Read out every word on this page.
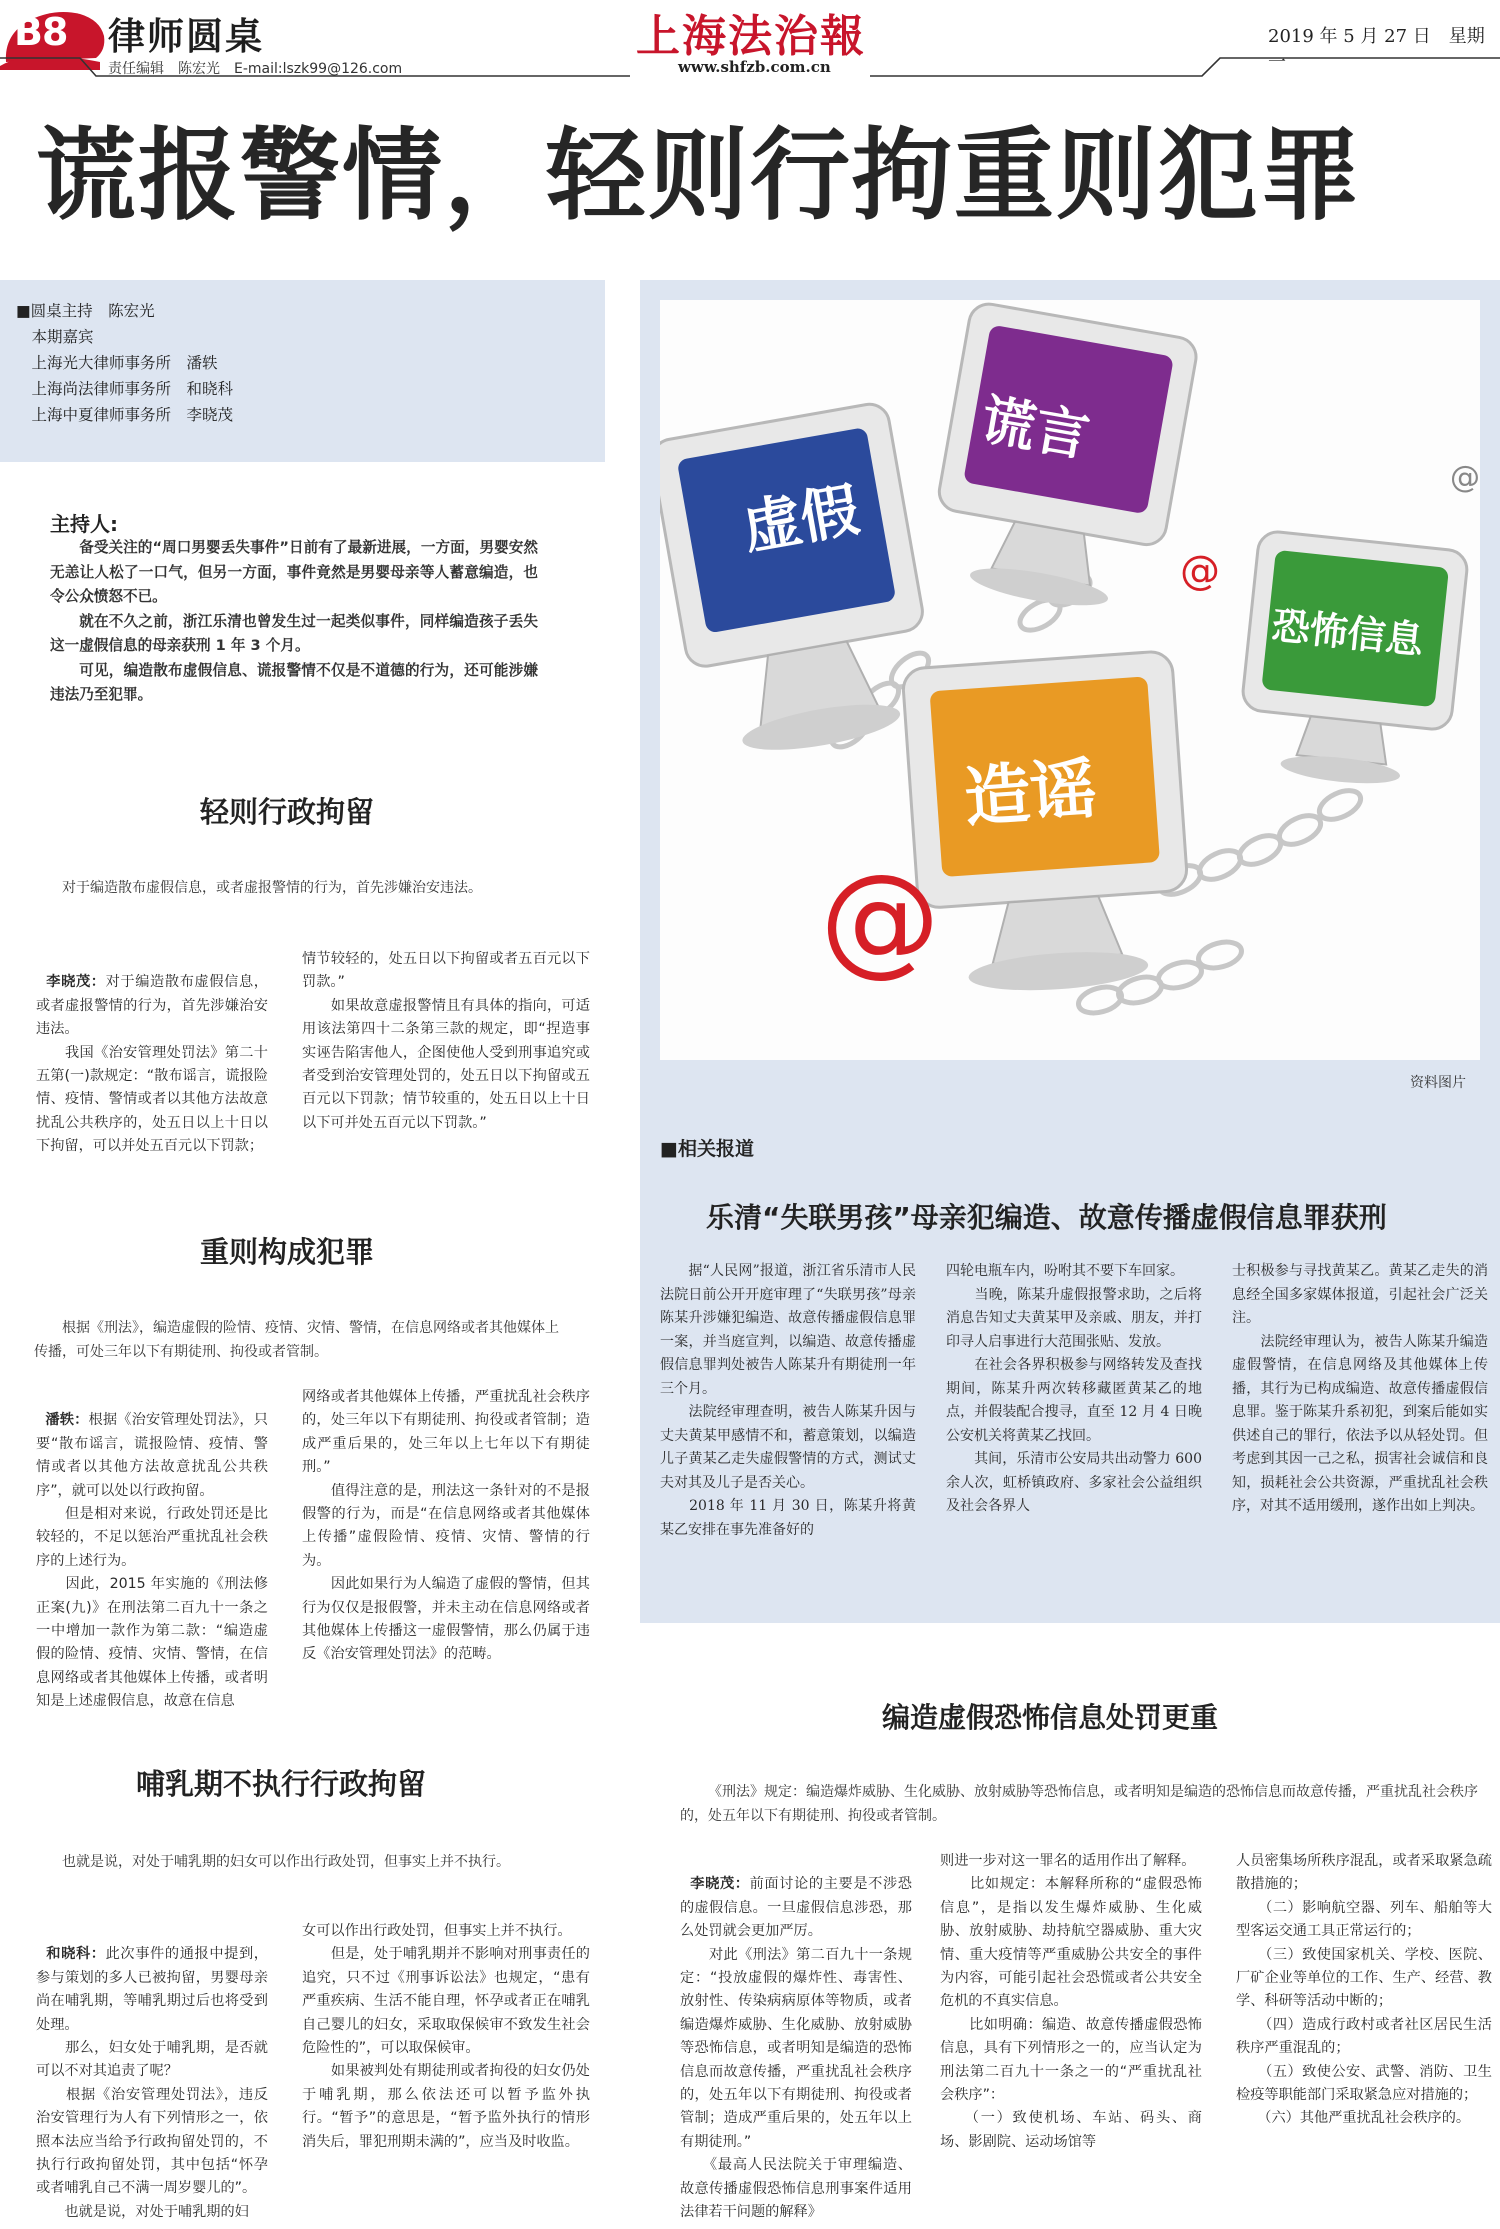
B8 律师圆桌
责任编辑　陈宏光　E-mail:lszk99@126.com
上海法治報
www.shfzb.com.cn
2019 年 5 月 27 日　星期一
谎报警情，轻则行拘重则犯罪
■圆桌主持　陈宏光
　本期嘉宾
　上海光大律师事务所　潘轶
　上海尚法律师事务所　和晓科
　上海中夏律师事务所　李晓茂
主持人:

备受关注的“周口男婴丢失事件”日前有了最新进展，一方面，男婴安然无恙让人松了一口气，但另一方面，事件竟然是男婴母亲等人蓄意编造，也令公众愤怒不已。

就在不久之前，浙江乐清也曾发生过一起类似事件，同样编造孩子丢失这一虚假信息的母亲获刑 1 年 3 个月。

可见，编造散布虚假信息、谎报警情不仅是不道德的行为，还可能涉嫌违法乃至犯罪。

轻则行政拘留
对于编造散布虚假信息，或者虚报警情的行为，首先涉嫌治安违法。

李晓茂：对于编造散布虚假信息，或者虚报警情的行为，首先涉嫌治安违法。
　　我国《治安管理处罚法》第二十五第(一)款规定：“散布谣言，谎报险情、疫情、警情或者以其他方法故意扰乱公共秩序的，处五日以上十日以下拘留，可以并处五百元以下罚款；

情节较轻的，处五日以下拘留或者五百元以下罚款。”
　　如果故意虚报警情且有具体的指向，可适用该法第四十二条第三款的规定，即“捏造事实诬告陷害他人，企图使他人受到刑事追究或者受到治安管理处罚的，处五日以下拘留或五百元以下罚款；情节较重的，处五日以上十日以下可并处五百元以下罚款。”
重则构成犯罪
根据《刑法》，编造虚假的险情、疫情、灾情、警情，在信息网络或者其他媒体上传播，可处三年以下有期徒刑、拘役或者管制。

潘轶：根据《治安管理处罚法》，只要“散布谣言，谎报险情、疫情、警情或者以其他方法故意扰乱公共秩序”，就可以处以行政拘留。
　　但是相对来说，行政处罚还是比较轻的，不足以惩治严重扰乱社会秩序的上述行为。
　　因此，2015 年实施的《刑法修正案(九)》在刑法第二百九十一条之一中增加一款作为第二款：“编造虚假的险情、疫情、灾情、警情，在信息网络或者其他媒体上传播，或者明知是上述虚假信息，故意在信息

网络或者其他媒体上传播，严重扰乱社会秩序的，处三年以下有期徒刑、拘役或者管制；造成严重后果的，处三年以上七年以下有期徒刑。”
　　值得注意的是，刑法这一条针对的不是报假警的行为，而是“在信息网络或者其他媒体上传播”虚假险情、疫情、灾情、警情的行为。
　　因此如果行为人编造了虚假的警情，但其行为仅仅是报假警，并未主动在信息网络或者其他媒体上传播这一虚假警情，那么仍属于违反《治安管理处罚法》的范畴。
哺乳期不执行行政拘留
也就是说，对处于哺乳期的妇女可以作出行政处罚，但事实上并不执行。

和晓科：此次事件的通报中提到，参与策划的多人已被拘留，男婴母亲尚在哺乳期，等哺乳期过后也将受到处理。
　　那么，妇女处于哺乳期，是否就可以不对其追责了呢？
　　根据《治安管理处罚法》，违反治安管理行为人有下列情形之一，依照本法应当给予行政拘留处罚的，不执行行政拘留处罚，其中包括“怀孕或者哺乳自己不满一周岁婴儿的”。
　　也就是说，对处于哺乳期的妇

女可以作出行政处罚，但事实上并不执行。
　　但是，处于哺乳期并不影响对刑事责任的追究，只不过《刑事诉讼法》也规定，“患有严重疾病、生活不能自理，怀孕或者正在哺乳自己婴儿的妇女，采取取保候审不致发生社会危险性的”，可以取保候审。
　　如果被判处有期徒刑或者拘役的妇女仍处于哺乳期，那么依法还可以暂予监外执行。“暂予”的意思是，“暂予监外执行的情形消失后，罪犯刑期未满的”，应当及时收监。
虚假
谎言
恐怖信息
造谣
@
@
@
资料图片
■相关报道
乐清“失联男孩”母亲犯编造、故意传播虚假信息罪获刑
　　据“人民网”报道，浙江省乐清市人民法院日前公开开庭审理了“失联男孩”母亲陈某升涉嫌犯编造、故意传播虚假信息罪一案，并当庭宣判，以编造、故意传播虚假信息罪判处被告人陈某升有期徒刑一年三个月。
　　法院经审理查明，被告人陈某升因与丈夫黄某甲感情不和，蓄意策划，以编造儿子黄某乙走失虚假警情的方式，测试丈夫对其及儿子是否关心。
　　2018 年 11 月 30 日，陈某升将黄某乙安排在事先准备好的
四轮电瓶车内，吩咐其不要下车回家。
　　当晚，陈某升虚假报警求助，之后将消息告知丈夫黄某甲及亲戚、朋友，并打印寻人启事进行大范围张贴、发放。
　　在社会各界积极参与网络转发及查找期间，陈某升两次转移藏匿黄某乙的地点，并假装配合搜寻，直至 12 月 4 日晚公安机关将黄某乙找回。
　　其间，乐清市公安局共出动警力 600 余人次，虹桥镇政府、多家社会公益组织及社会各界人
士积极参与寻找黄某乙。黄某乙走失的消息经全国多家媒体报道，引起社会广泛关注。
　　法院经审理认为，被告人陈某升编造虚假警情，在信息网络及其他媒体上传播，其行为已构成编造、故意传播虚假信息罪。鉴于陈某升系初犯，到案后能如实供述自己的罪行，依法予以从轻处罚。但考虑到其因一己之私，损害社会诚信和良知，损耗社会公共资源，严重扰乱社会秩序，对其不适用缓刑，遂作出如上判决。
编造虚假恐怖信息处罚更重
《刑法》规定：编造爆炸威胁、生化威胁、放射威胁等恐怖信息，或者明知是编造的恐怖信息而故意传播，严重扰乱社会秩序的，处五年以下有期徒刑、拘役或者管制。

李晓茂：前面讨论的主要是不涉恐的虚假信息。一旦虚假信息涉恐，那么处罚就会更加严厉。
　　对此《刑法》第二百九十一条规定：“投放虚假的爆炸性、毒害性、放射性、传染病病原体等物质，或者编造爆炸威胁、生化威胁、放射威胁等恐怖信息，或者明知是编造的恐怖信息而故意传播，严重扰乱社会秩序的，处五年以下有期徒刑、拘役或者管制；造成严重后果的，处五年以上有期徒刑。”
　　《最高人民法院关于审理编造、故意传播虚假恐怖信息刑事案件适用法律若干问题的解释》

则进一步对这一罪名的适用作出了解释。
　　比如规定：本解释所称的“虚假恐怖信息”，是指以发生爆炸威胁、生化威胁、放射威胁、劫持航空器威胁、重大灾情、重大疫情等严重威胁公共安全的事件为内容，可能引起社会恐慌或者公共安全危机的不真实信息。
　　比如明确：编造、故意传播虚假恐怖信息，具有下列情形之一的，应当认定为刑法第二百九十一条之一的“严重扰乱社会秩序”：
　　（一）致使机场、车站、码头、商场、影剧院、运动场馆等
人员密集场所秩序混乱，或者采取紧急疏散措施的；
　　（二）影响航空器、列车、船舶等大型客运交通工具正常运行的；
　　（三）致使国家机关、学校、医院、厂矿企业等单位的工作、生产、经营、教学、科研等活动中断的；
　　（四）造成行政村或者社区居民生活秩序严重混乱的；
　　（五）致使公安、武警、消防、卫生检疫等职能部门采取紧急应对措施的；
　　（六）其他严重扰乱社会秩序的。
